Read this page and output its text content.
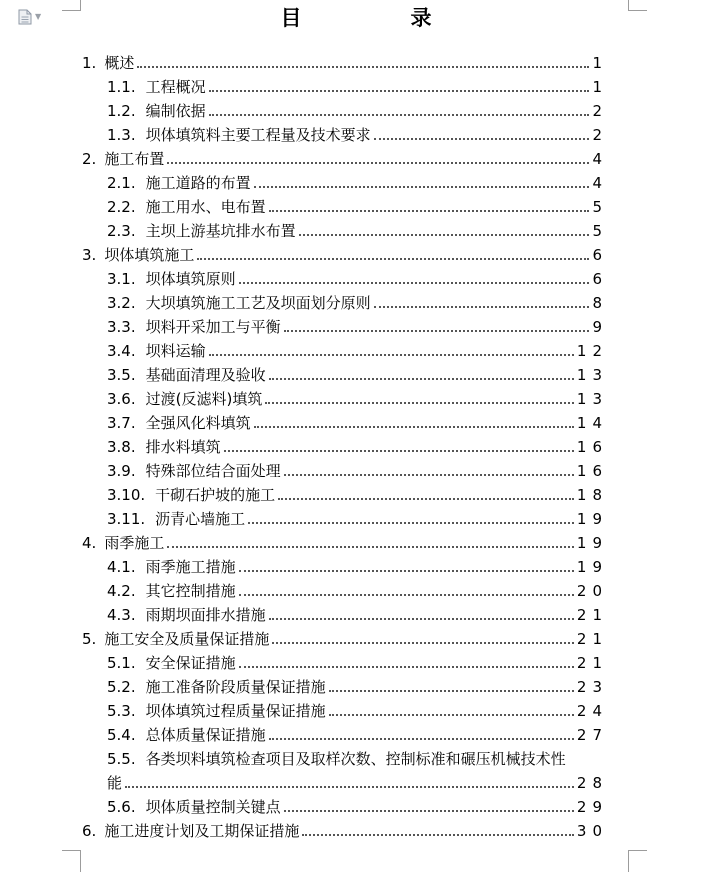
▼	目　录
1. 概述	1
1.1. 工程概况	1
1.2. 编制依据	2
1.3. 坝体填筑料主要工程量及技术要求	2
2. 施工布置	4
2.1. 施工道路的布置	4
2.2. 施工用水、电布置	5
2.3. 主坝上游基坑排水布置	5
3. 坝体填筑施工	6
3.1. 坝体填筑原则	6
3.2. 大坝填筑施工工艺及坝面划分原则	8
3.3. 坝料开采加工与平衡	9
3.4. 坝料运输	12
3.5. 基础面清理及验收	13
3.6. 过渡(反滤料)填筑	13
3.7. 全强风化料填筑	14
3.8. 排水料填筑	16
3.9. 特殊部位结合面处理	16
3.10. 干砌石护坡的施工	18
3.11. 沥青心墙施工	19
4. 雨季施工	19
4.1. 雨季施工措施	19
4.2. 其它控制措施	20
4.3. 雨期坝面排水措施	21
5. 施工安全及质量保证措施	21
5.1. 安全保证措施	21
5.2. 施工准备阶段质量保证措施	23
5.3. 坝体填筑过程质量保证措施	24
5.4. 总体质量保证措施	27
5.5. 各类坝料填筑检查项目及取样次数、控制标准和碾压机械技术性
能	28
5.6. 坝体质量控制关键点	29
6. 施工进度计划及工期保证措施	30
